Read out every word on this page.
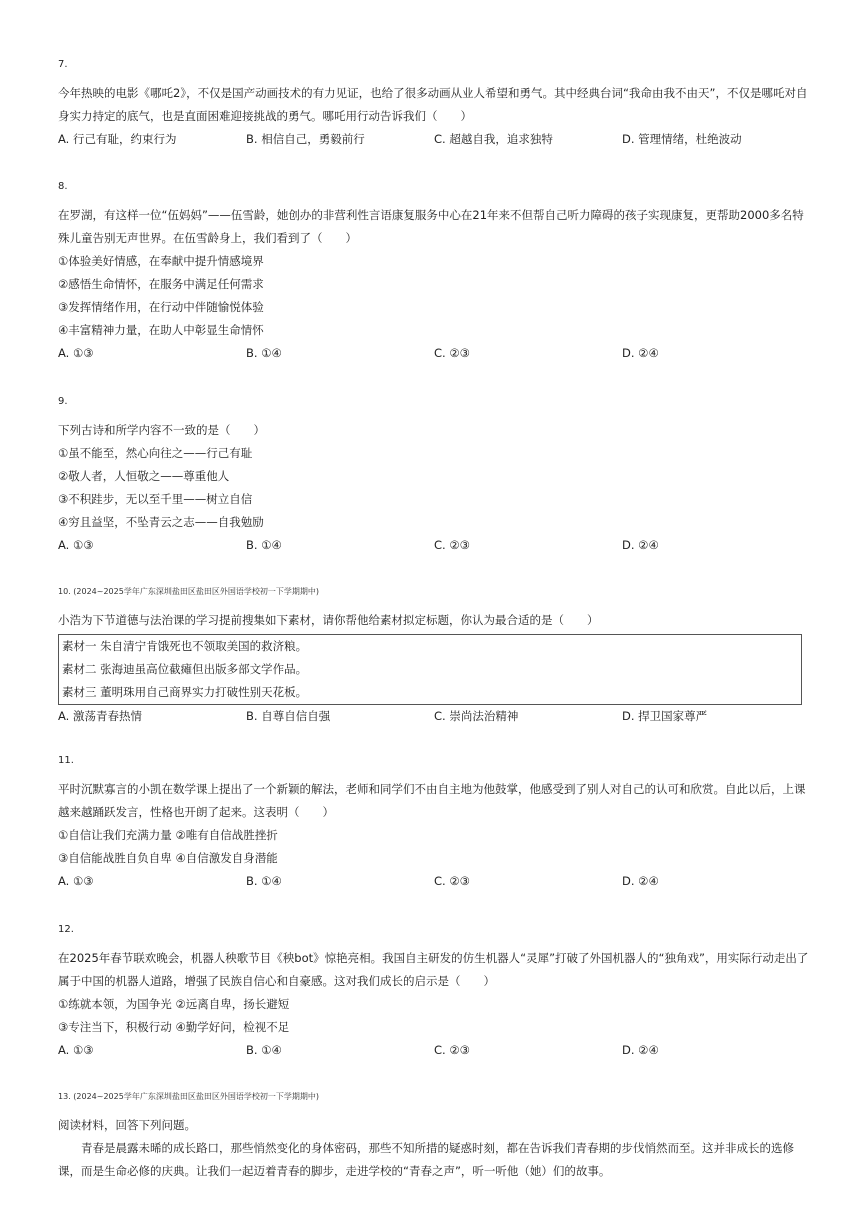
7.
今年热映的电影《哪吒2》，不仅是国产动画技术的有力见证，也给了很多动画从业人希望和勇气。其中经典台词“我命由我不由天”，不仅是哪吒对自身实力持定的底气，也是直面困难迎接挑战的勇气。哪吒用行动告诉我们（　　）
A. 行己有耻，约束行为	B. 相信自己，勇毅前行	C. 超越自我，追求独特	D. 管理情绪，杜绝波动
8.
在罗湖，有这样一位“伍妈妈”——伍雪龄，她创办的非营利性言语康复服务中心在21年来不但帮自己听力障碍的孩子实现康复，更帮助2000多名特殊儿童告别无声世界。在伍雪龄身上，我们看到了（　　）
①体验美好情感，在奉献中提升情感境界
②感悟生命情怀，在服务中满足任何需求
③发挥情绪作用，在行动中伴随愉悦体验
④丰富精神力量，在助人中彰显生命情怀
A. ①③	B. ①④	C. ②③	D. ②④
9.
下列古诗和所学内容不一致的是（　　）
①虽不能至，然心向往之——行己有耻
②敬人者，人恒敬之——尊重他人
③不积跬步，无以至千里——树立自信
④穷且益坚，不坠青云之志——自我勉励
A. ①③	B. ①④	C. ②③	D. ②④
10. (2024~2025学年广东深圳盐田区盐田区外国语学校初一下学期期中)
小浩为下节道德与法治课的学习提前搜集如下素材，请你帮他给素材拟定标题，你认为最合适的是（　　）
素材一 朱自清宁肯饿死也不领取美国的救济粮。
素材二 张海迪虽高位截瘫但出版多部文学作品。
素材三 董明珠用自己商界实力打破性别天花板。
A. 激荡青春热情	B. 自尊自信自强	C. 崇尚法治精神	D. 捍卫国家尊严
11.
平时沉默寡言的小凯在数学课上提出了一个新颖的解法，老师和同学们不由自主地为他鼓掌，他感受到了别人对自己的认可和欣赏。自此以后，上课越来越踊跃发言，性格也开朗了起来。这表明（　　）
①自信让我们充满力量 ②唯有自信战胜挫折
③自信能战胜自负自卑 ④自信激发自身潜能
A. ①③	B. ①④	C. ②③	D. ②④
12.
在2025年春节联欢晚会，机器人秧歌节目《秧bot》惊艳亮相。我国自主研发的仿生机器人“灵犀”打破了外国机器人的“独角戏”，用实际行动走出了属于中国的机器人道路，增强了民族自信心和自豪感。这对我们成长的启示是（　　）
①练就本领，为国争光 ②远离自卑，扬长避短
③专注当下，积极行动 ④勤学好问，检视不足
A. ①③	B. ①④	C. ②③	D. ②④
13. (2024~2025学年广东深圳盐田区盐田区外国语学校初一下学期期中)
阅读材料，回答下列问题。
青春是晨露未晞的成长路口，那些悄然变化的身体密码，那些不知所措的疑惑时刻，都在告诉我们青春期的步伐悄然而至。这并非成长的选修课，而是生命必修的庆典。让我们一起迈着青春的脚步，走进学校的“青春之声”，听一听他（她）们的故事。
